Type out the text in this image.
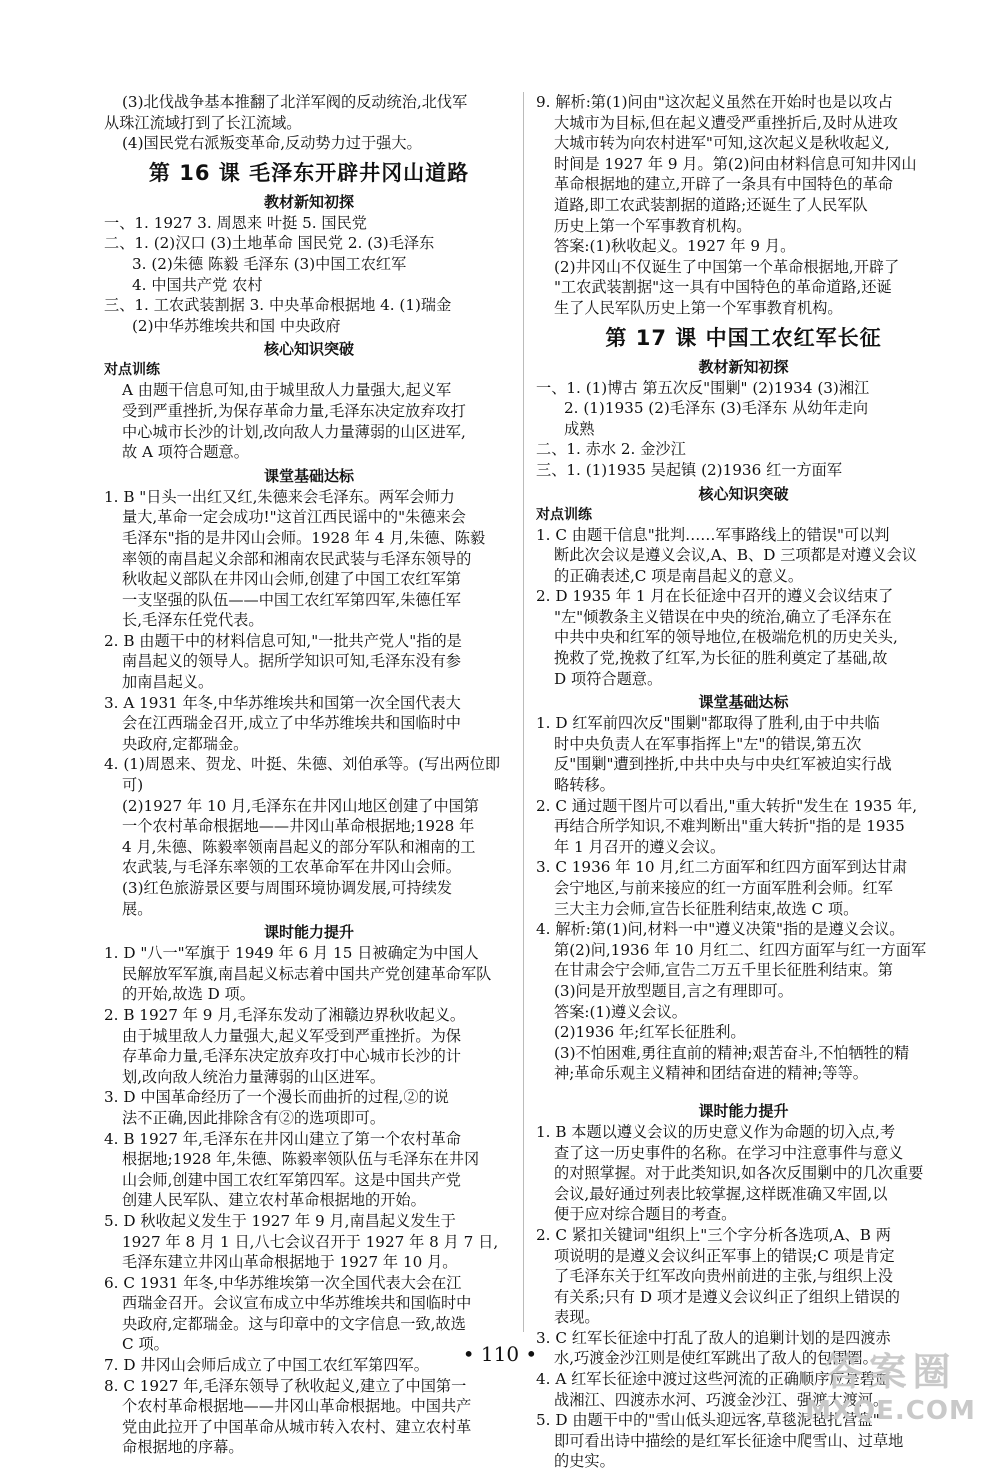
(3)北伐战争基本推翻了北洋军阀的反动统治,北伐军

从珠江流域打到了长江流域。

(4)国民党右派叛变革命,反动势力过于强大。

第 16 课 毛泽东开辟井冈山道路
教材新知初探

一、1. 1927 3. 周恩来 叶挺 5. 国民党

二、1. (2)汉口 (3)土地革命 国民党 2. (3)毛泽东

3. (2)朱德 陈毅 毛泽东 (3)中国工农红军

4. 中国共产党 农村

三、1. 工农武装割据 3. 中央革命根据地 4. (1)瑞金

(2)中华苏维埃共和国 中央政府

核心知识突破
对点训练

A 由题干信息可知,由于城里敌人力量强大,起义军

受到严重挫折,为保存革命力量,毛泽东决定放弃攻打

中心城市长沙的计划,改向敌人力量薄弱的山区进军,

故 A 项符合题意。

课堂基础达标

1. B "日头一出红又红,朱德来会毛泽东。两军会师力

量大,革命一定会成功!"这首江西民谣中的"朱德来会

毛泽东"指的是井冈山会师。1928 年 4 月,朱德、陈毅

率领的南昌起义余部和湘南农民武装与毛泽东领导的

秋收起义部队在井冈山会师,创建了中国工农红军第

一支坚强的队伍——中国工农红军第四军,朱德任军

长,毛泽东任党代表。

2. B 由题干中的材料信息可知,"一批共产党人"指的是

南昌起义的领导人。据所学知识可知,毛泽东没有参

加南昌起义。

3. A 1931 年冬,中华苏维埃共和国第一次全国代表大

会在江西瑞金召开,成立了中华苏维埃共和国临时中

央政府,定都瑞金。

4. (1)周恩来、贺龙、叶挺、朱德、刘伯承等。(写出两位即

可)

(2)1927 年 10 月,毛泽东在井冈山地区创建了中国第

一个农村革命根据地——井冈山革命根据地;1928 年

4 月,朱德、陈毅率领南昌起义的部分军队和湘南的工

农武装,与毛泽东率领的工农革命军在井冈山会师。

(3)红色旅游景区要与周围环境协调发展,可持续发

展。

课时能力提升

1. D "八一"军旗于 1949 年 6 月 15 日被确定为中国人

民解放军军旗,南昌起义标志着中国共产党创建革命军队

的开始,故选 D 项。

2. B 1927 年 9 月,毛泽东发动了湘赣边界秋收起义。

由于城里敌人力量强大,起义军受到严重挫折。为保

存革命力量,毛泽东决定放弃攻打中心城市长沙的计

划,改向敌人统治力量薄弱的山区进军。

3. D 中国革命经历了一个漫长而曲折的过程,②的说

法不正确,因此排除含有②的选项即可。

4. B 1927 年,毛泽东在井冈山建立了第一个农村革命

根据地;1928 年,朱德、陈毅率领队伍与毛泽东在井冈

山会师,创建中国工农红军第四军。这是中国共产党

创建人民军队、建立农村革命根据地的开始。

5. D 秋收起义发生于 1927 年 9 月,南昌起义发生于

1927 年 8 月 1 日,八七会议召开于 1927 年 8 月 7 日,

毛泽东建立井冈山革命根据地于 1927 年 10 月。

6. C 1931 年冬,中华苏维埃第一次全国代表大会在江

西瑞金召开。会议宣布成立中华苏维埃共和国临时中

央政府,定都瑞金。这与印章中的文字信息一致,故选

C 项。

7. D 井冈山会师后成立了中国工农红军第四军。

8. C 1927 年,毛泽东领导了秋收起义,建立了中国第一

个农村革命根据地——井冈山革命根据地。中国共产

党由此拉开了中国革命从城市转入农村、建立农村革

命根据地的序幕。

9. 解析:第(1)问由"这次起义虽然在开始时也是以攻占

大城市为目标,但在起义遭受严重挫折后,及时从进攻

大城市转为向农村进军"可知,这次起义是秋收起义,

时间是 1927 年 9 月。第(2)问由材料信息可知井冈山

革命根据地的建立,开辟了一条具有中国特色的革命

道路,即工农武装割据的道路;还诞生了人民军队

历史上第一个军事教育机构。

答案:(1)秋收起义。1927 年 9 月。

(2)井冈山不仅诞生了中国第一个革命根据地,开辟了

"工农武装割据"这一具有中国特色的革命道路,还诞

生了人民军队历史上第一个军事教育机构。

第 17 课 中国工农红军长征
教材新知初探

一、1. (1)博古 第五次反"围剿" (2)1934 (3)湘江

2. (1)1935 (2)毛泽东 (3)毛泽东 从幼年走向

成熟

二、1. 赤水 2. 金沙江

三、1. (1)1935 吴起镇 (2)1936 红一方面军

核心知识突破
对点训练

1. C 由题干信息"批判……军事路线上的错误"可以判

断此次会议是遵义会议,A、B、D 三项都是对遵义会议

的正确表述,C 项是南昌起义的意义。

2. D 1935 年 1 月在长征途中召开的遵义会议结束了

"左"倾教条主义错误在中央的统治,确立了毛泽东在

中共中央和红军的领导地位,在极端危机的历史关头,

挽救了党,挽救了红军,为长征的胜利奠定了基础,故

D 项符合题意。

课堂基础达标

1. D 红军前四次反"围剿"都取得了胜利,由于中共临

时中央负责人在军事指挥上"左"的错误,第五次

反"围剿"遭到挫折,中共中央与中央红军被迫实行战

略转移。

2. C 通过题干图片可以看出,"重大转折"发生在 1935 年,

再结合所学知识,不难判断出"重大转折"指的是 1935

年 1 月召开的遵义会议。

3. C 1936 年 10 月,红二方面军和红四方面军到达甘肃

会宁地区,与前来接应的红一方面军胜利会师。红军

三大主力会师,宣告长征胜利结束,故选 C 项。

4. 解析:第(1)问,材料一中"遵义决策"指的是遵义会议。

第(2)问,1936 年 10 月红二、红四方面军与红一方面军

在甘肃会宁会师,宣告二万五千里长征胜利结束。第

(3)问是开放型题目,言之有理即可。

答案:(1)遵义会议。

(2)1936 年;红军长征胜利。

(3)不怕困难,勇往直前的精神;艰苦奋斗,不怕牺牲的精

神;革命乐观主义精神和团结奋进的精神;等等。

课时能力提升

1. B 本题以遵义会议的历史意义作为命题的切入点,考

查了这一历史事件的名称。在学习中注意事件与意义

的对照掌握。对于此类知识,如各次反围剿中的几次重要

会议,最好通过列表比较掌握,这样既准确又牢固,以

便于应对综合题目的考查。

2. C 紧扣关键词"组织上"三个字分析各选项,A、B 两

项说明的是遵义会议纠正军事上的错误;C 项是肯定

了毛泽东关于红军改向贵州前进的主张,与组织上没

有关系;只有 D 项才是遵义会议纠正了组织上错误的

表现。

3. C 红军长征途中打乱了敌人的追剿计划的是四渡赤

水,巧渡金沙江则是使红军跳出了敌人的包围圈。

4. A 红军长征途中渡过这些河流的正确顺序应是碧血

战湘江、四渡赤水河、巧渡金沙江、强渡大渡河。

5. D 由题干中的"雪山低头迎远客,草毯泥毡扎营盘"

即可看出诗中描绘的是红军长征途中爬雪山、过草地

的史实。

• 110 •	答案圈
MXQE.COM
